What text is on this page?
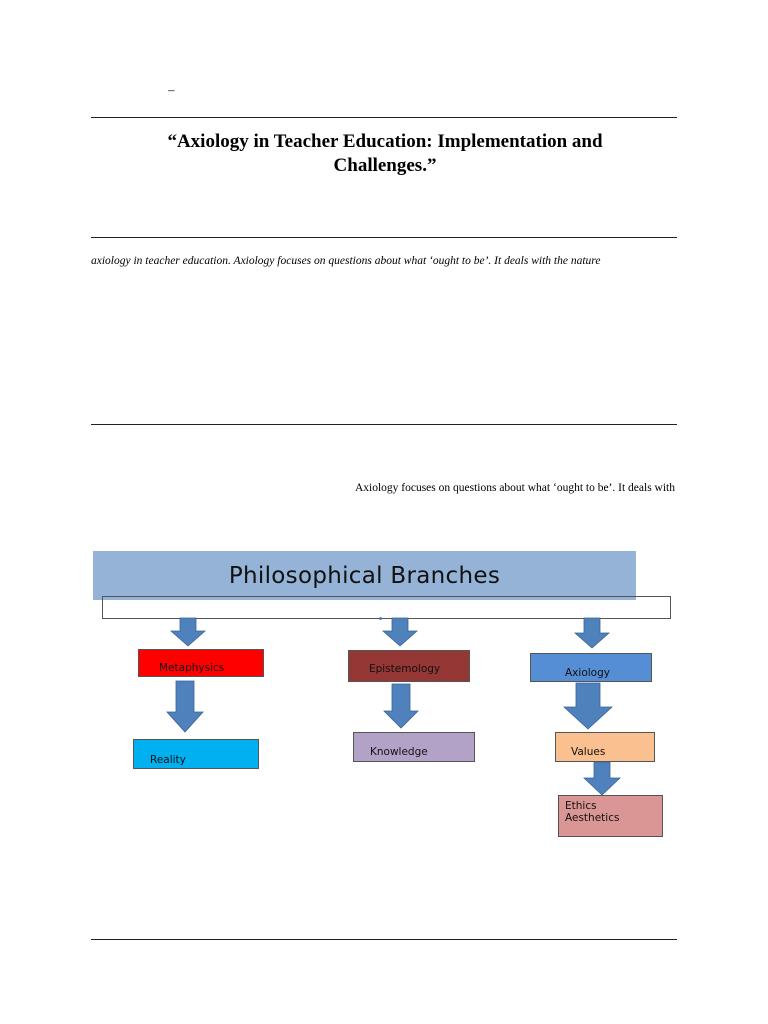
–
“Axiology in Teacher Education: Implementation and
Challenges.”
axiology in teacher education. Axiology focuses on questions about what ‘ought to be’. It deals with the nature
Axiology focuses on questions about what ‘ought to be’. It deals with
Philosophical Branches
Metaphysics	Epistemology	Axiology
Reality
Knowledge	Values
Ethics
Aesthetics
